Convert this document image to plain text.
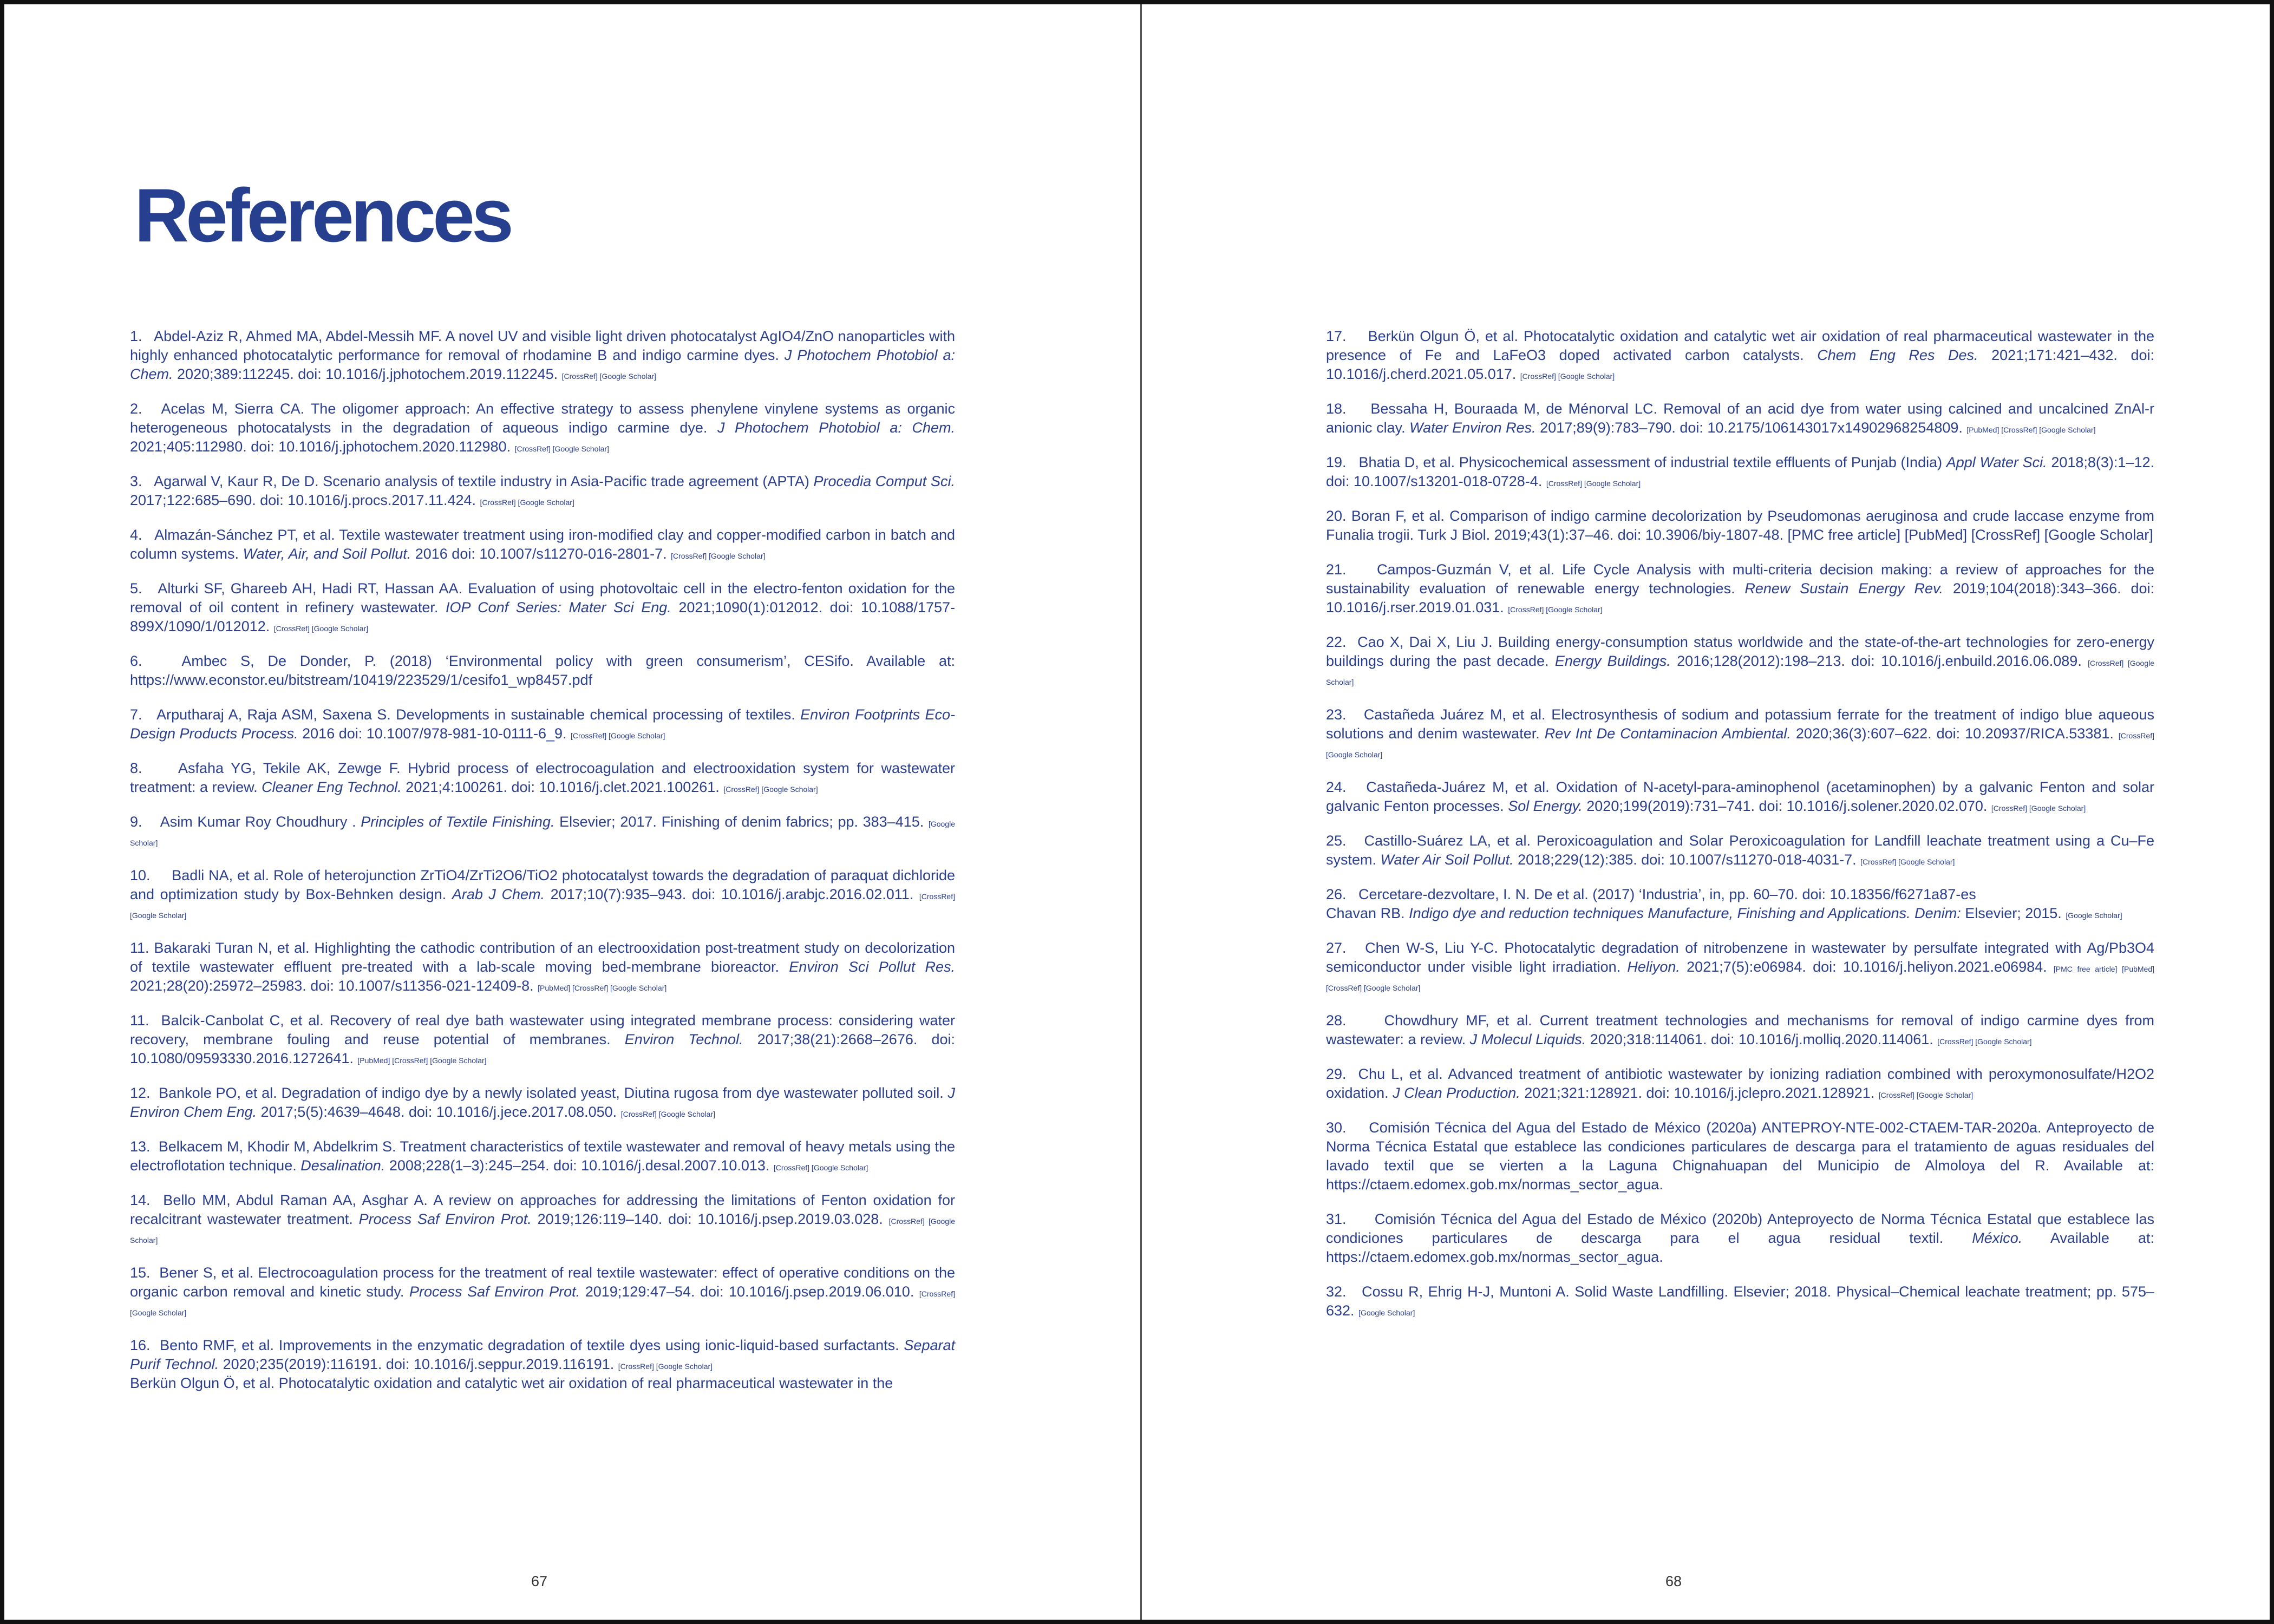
References

1.   Abdel-Aziz R, Ahmed MA, Abdel-Messih MF. A novel UV and visible light driven photocatalyst AgIO4/ZnO nanoparticles with highly enhanced photocatalytic performance for removal of rhodamine B and indigo carmine dyes. J Photochem Photobiol a: Chem. 2020;389:112245. doi: 10.1016/j.jphotochem.2019.112245. [CrossRef] [Google Scholar]

2.   Acelas M, Sierra CA. The oligomer approach: An effective strategy to assess phenylene vinylene systems as organic heterogeneous photocatalysts in the degradation of aqueous indigo carmine dye. J Photochem Photobiol a: Chem. 2021;405:112980. doi: 10.1016/j.jphotochem.2020.112980. [CrossRef] [Google Scholar]

3.   Agarwal V, Kaur R, De D. Scenario analysis of textile industry in Asia-Pacific trade agreement (APTA) Procedia Comput Sci. 2017;122:685–690. doi: 10.1016/j.procs.2017.11.424. [CrossRef] [Google Scholar]

4.   Almazán-Sánchez PT, et al. Textile wastewater treatment using iron-modified clay and copper-modified carbon in batch and column systems. Water, Air, and Soil Pollut. 2016 doi: 10.1007/s11270-016-2801-7. [CrossRef] [Google Scholar]

5.   Alturki SF, Ghareeb AH, Hadi RT, Hassan AA. Evaluation of using photovoltaic cell in the electro-fenton oxidation for the removal of oil content in refinery wastewater. IOP Conf Series: Mater Sci Eng. 2021;1090(1):012012. doi: 10.1088/1757-899X/1090/1/012012. [CrossRef] [Google Scholar]

6.   Ambec S, De Donder, P. (2018) ‘Environmental policy with green consumerism’, CESifo. Available at: https://www.econstor.eu/bitstream/10419/223529/1/cesifo1_wp8457.pdf

7.   Arputharaj A, Raja ASM, Saxena S. Developments in sustainable chemical processing of textiles. Environ Footprints Eco-Design Products Process. 2016 doi: 10.1007/978-981-10-0111-6_9. [CrossRef] [Google Scholar]

8.     Asfaha YG, Tekile AK, Zewge F. Hybrid process of electrocoagulation and electrooxidation system for wastewater treatment: a review. Cleaner Eng Technol. 2021;4:100261. doi: 10.1016/j.clet.2021.100261. [CrossRef] [Google Scholar]

9.    Asim Kumar Roy Choudhury . Principles of Textile Finishing. Elsevier; 2017. Finishing of denim fabrics; pp. 383–415. [Google Scholar]

10.     Badli NA, et al. Role of heterojunction ZrTiO4/ZrTi2O6/TiO2 photocatalyst towards the degradation of paraquat dichloride and optimization study by Box-Behnken design. Arab J Chem. 2017;10(7):935–943. doi: 10.1016/j.arabjc.2016.02.011. [CrossRef] [Google Scholar]

11. Bakaraki Turan N, et al. Highlighting the cathodic contribution of an electrooxidation post-treatment study on decolorization of textile wastewater effluent pre-treated with a lab-scale moving bed-membrane bioreactor. Environ Sci Pollut Res. 2021;28(20):25972–25983. doi: 10.1007/s11356-021-12409-8. [PubMed] [CrossRef] [Google Scholar]

11.  Balcik-Canbolat C, et al. Recovery of real dye bath wastewater using integrated membrane process: considering water recovery, membrane fouling and reuse potential of membranes. Environ Technol. 2017;38(21):2668–2676. doi: 10.1080/09593330.2016.1272641. [PubMed] [CrossRef] [Google Scholar]

12.  Bankole PO, et al. Degradation of indigo dye by a newly isolated yeast, Diutina rugosa from dye wastewater polluted soil. J Environ Chem Eng. 2017;5(5):4639–4648. doi: 10.1016/j.jece.2017.08.050. [CrossRef] [Google Scholar]

13.  Belkacem M, Khodir M, Abdelkrim S. Treatment characteristics of textile wastewater and removal of heavy metals using the electroflotation technique. Desalination. 2008;228(1–3):245–254. doi: 10.1016/j.desal.2007.10.013. [CrossRef] [Google Scholar]

14.  Bello MM, Abdul Raman AA, Asghar A. A review on approaches for addressing the limitations of Fenton oxidation for recalcitrant wastewater treatment. Process Saf Environ Prot. 2019;126:119–140. doi: 10.1016/j.psep.2019.03.028. [CrossRef] [Google Scholar]

15.  Bener S, et al. Electrocoagulation process for the treatment of real textile wastewater: effect of operative conditions on the organic carbon removal and kinetic study. Process Saf Environ Prot. 2019;129:47–54. doi: 10.1016/j.psep.2019.06.010. [CrossRef] [Google Scholar]

16.  Bento RMF, et al. Improvements in the enzymatic degradation of textile dyes using ionic-liquid-based surfactants. Separat Purif Technol. 2020;235(2019):116191. doi: 10.1016/j.seppur.2019.116191. [CrossRef] [Google Scholar]

Berkün Olgun Ö, et al. Photocatalytic oxidation and catalytic wet air oxidation of real pharmaceutical wastewater in the

67

17.    Berkün Olgun Ö, et al. Photocatalytic oxidation and catalytic wet air oxidation of real pharmaceutical wastewater in the presence of Fe and LaFeO3 doped activated carbon catalysts. Chem Eng Res Des. 2021;171:421–432. doi: 10.1016/j.cherd.2021.05.017. [CrossRef] [Google Scholar]

18.    Bessaha H, Bouraada M, de Ménorval LC. Removal of an acid dye from water using calcined and uncalcined ZnAl-r anionic clay. Water Environ Res. 2017;89(9):783–790. doi: 10.2175/106143017x14902968254809. [PubMed] [CrossRef] [Google Scholar]

19.   Bhatia D, et al. Physicochemical assessment of industrial textile effluents of Punjab (India) Appl Water Sci. 2018;8(3):1–12. doi: 10.1007/s13201-018-0728-4. [CrossRef] [Google Scholar]

20. Boran F, et al. Comparison of indigo carmine decolorization by Pseudomonas aeruginosa and crude laccase enzyme from Funalia trogii. Turk J Biol. 2019;43(1):37–46. doi: 10.3906/biy-1807-48. [PMC free article] [PubMed] [CrossRef] [Google Scholar]

21.    Campos-Guzmán V, et al. Life Cycle Analysis with multi-criteria decision making: a review of approaches for the sustainability evaluation of renewable energy technologies. Renew Sustain Energy Rev. 2019;104(2018):343–366. doi: 10.1016/j.rser.2019.01.031. [CrossRef] [Google Scholar]

22.  Cao X, Dai X, Liu J. Building energy-consumption status worldwide and the state-of-the-art technologies for zero-energy buildings during the past decade. Energy Buildings. 2016;128(2012):198–213. doi: 10.1016/j.enbuild.2016.06.089. [CrossRef] [Google Scholar]

23.   Castañeda Juárez M, et al. Electrosynthesis of sodium and potassium ferrate for the treatment of indigo blue aqueous solutions and denim wastewater. Rev Int De Contaminacion Ambiental. 2020;36(3):607–622. doi: 10.20937/RICA.53381. [CrossRef] [Google Scholar]

24.   Castañeda-Juárez M, et al. Oxidation of N-acetyl-para-aminophenol (acetaminophen) by a galvanic Fenton and solar galvanic Fenton processes. Sol Energy. 2020;199(2019):731–741. doi: 10.1016/j.solener.2020.02.070. [CrossRef] [Google Scholar]

25.   Castillo-Suárez LA, et al. Peroxicoagulation and Solar Peroxicoagulation for Landfill leachate treatment using a Cu–Fe system. Water Air Soil Pollut. 2018;229(12):385. doi: 10.1007/s11270-018-4031-7. [CrossRef] [Google Scholar]

26.   Cercetare-dezvoltare, I. N. De et al. (2017) ‘Industria’, in, pp. 60–70. doi: 10.18356/f6271a87-es
Chavan RB. Indigo dye and reduction techniques Manufacture, Finishing and Applications. Denim: Elsevier; 2015. [Google Scholar]

27.   Chen W-S, Liu Y-C. Photocatalytic degradation of nitrobenzene in wastewater by persulfate integrated with Ag/Pb3O4 semiconductor under visible light irradiation. Heliyon. 2021;7(5):e06984. doi: 10.1016/j.heliyon.2021.e06984. [PMC free article] [PubMed] [CrossRef] [Google Scholar]

28.     Chowdhury MF, et al. Current treatment technologies and mechanisms for removal of indigo carmine dyes from wastewater: a review. J Molecul Liquids. 2020;318:114061. doi: 10.1016/j.molliq.2020.114061. [CrossRef] [Google Scholar]

29.  Chu L, et al. Advanced treatment of antibiotic wastewater by ionizing radiation combined with peroxymonosulfate/H2O2 oxidation. J Clean Production. 2021;321:128921. doi: 10.1016/j.jclepro.2021.128921. [CrossRef] [Google Scholar]

30.    Comisión Técnica del Agua del Estado de México (2020a) ANTEPROY-NTE-002-CTAEM-TAR-2020a. Anteproyecto de Norma Técnica Estatal que establece las condiciones particulares de descarga para el tratamiento de aguas residuales del lavado textil que se vierten a la Laguna Chignahuapan del Municipio de Almoloya del R. Available at: https://ctaem.edomex.gob.mx/normas_sector_agua.

31.     Comisión Técnica del Agua del Estado de México (2020b) Anteproyecto de Norma Técnica Estatal que establece las condiciones particulares de descarga para el agua residual textil. México. Available at: https://ctaem.edomex.gob.mx/normas_sector_agua.

32.   Cossu R, Ehrig H-J, Muntoni A. Solid Waste Landfilling. Elsevier; 2018. Physical–Chemical leachate treatment; pp. 575–632. [Google Scholar]

68
